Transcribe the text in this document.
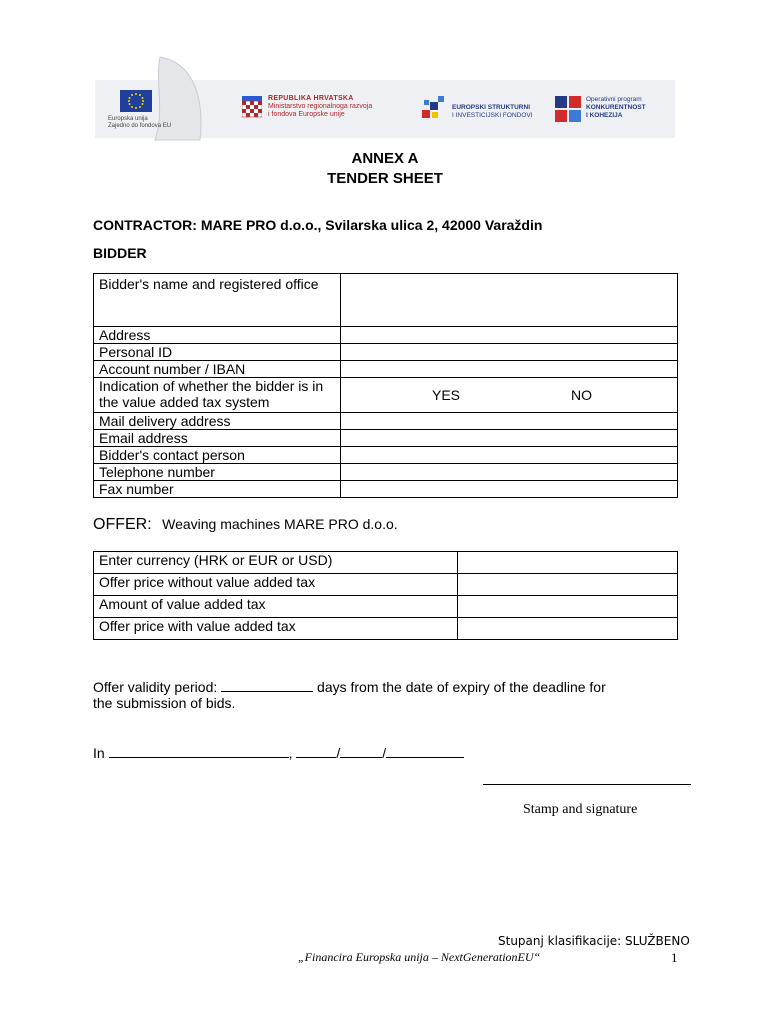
Europska unija
Zajedno do fondova EU
REPUBLIKA HRVATSKA
Ministarstvo regionalnoga razvoja
i fondova Europske unije
EUROPSKI STRUKTURNI
I INVESTICIJSKI FONDOVI
Operativni program
KONKURENTNOST
I KOHEZIJA
ANNEX A
TENDER SHEET
CONTRACTOR: MARE PRO d.o.o., Svilarska ulica 2, 42000 Varaždin
BIDDER
Bidder's name and registered office	
Address	
Personal ID	
Account number / IBAN	
Indication of whether the bidder is in the value added tax system	YES NO

Mail delivery address	
Email address	
Bidder's contact person	
Telephone number	
Fax number	
OFFER: Weaving machines MARE PRO d.o.o.
Enter currency (HRK or EUR or USD)	
Offer price without value added tax	
Amount of value added tax	
Offer price with value added tax	
Offer validity period:	days from the date of expiry of the deadline for
the submission of bids.
In	,	/	/
Stamp and signature
Stupanj klasifikacije: SLUŽBENO
„Financira Europska unija – NextGenerationEU“	1
